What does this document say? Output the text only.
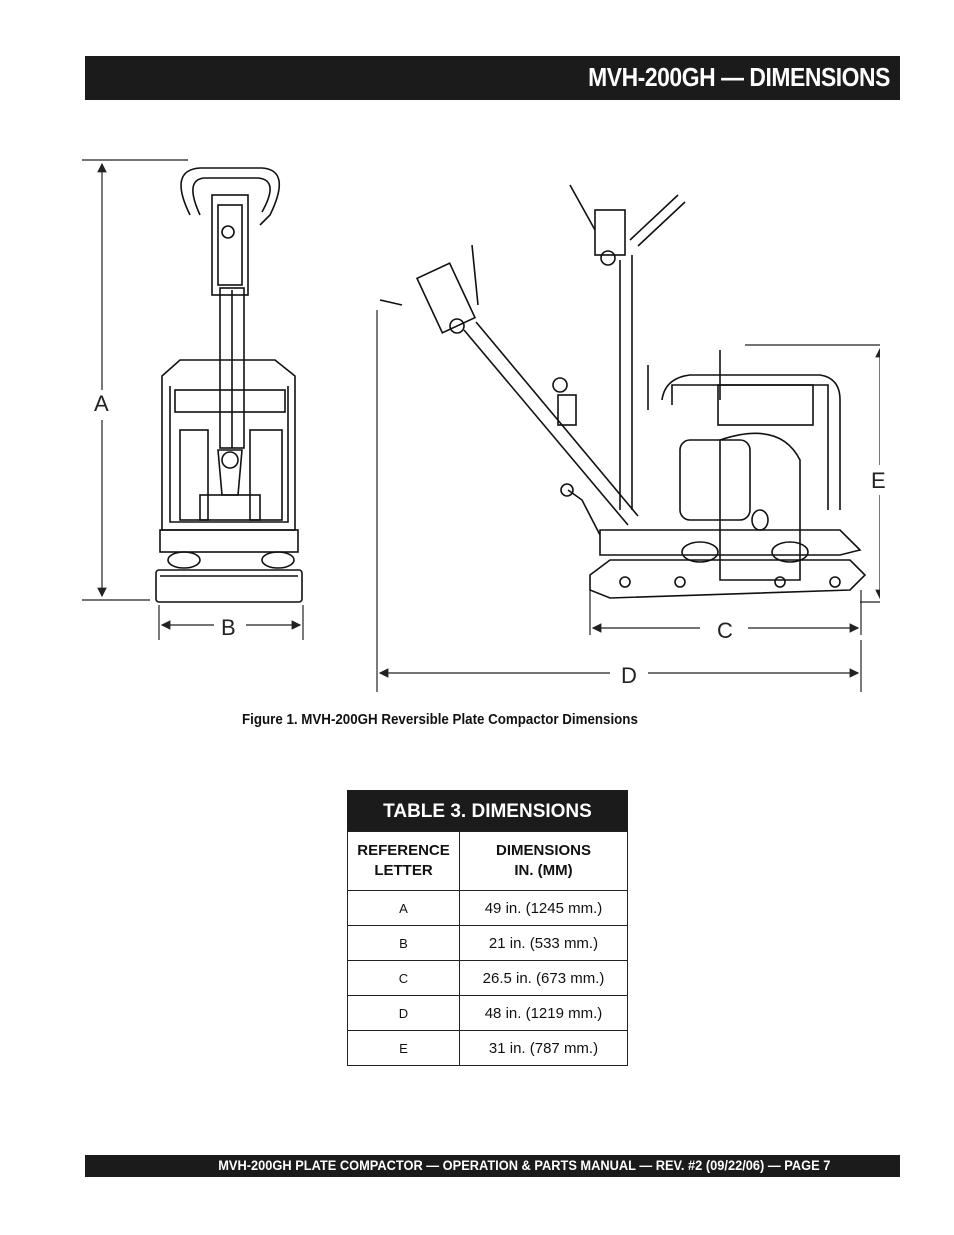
MVH-200GH — DIMENSIONS
A
B	C
D
E
Figure 1. MVH-200GH Reversible Plate Compactor Dimensions
TABLE 3. DIMENSIONS
REFERENCE
LETTER	DIMENSIONS
IN. (MM)
A	49 in. (1245 mm.)
B	21 in. (533 mm.)
C	26.5 in. (673 mm.)
D	48 in. (1219 mm.)
E	31 in. (787 mm.)
MVH-200GH PLATE COMPACTOR — OPERATION & PARTS MANUAL — REV. #2 (09/22/06) — PAGE 7
